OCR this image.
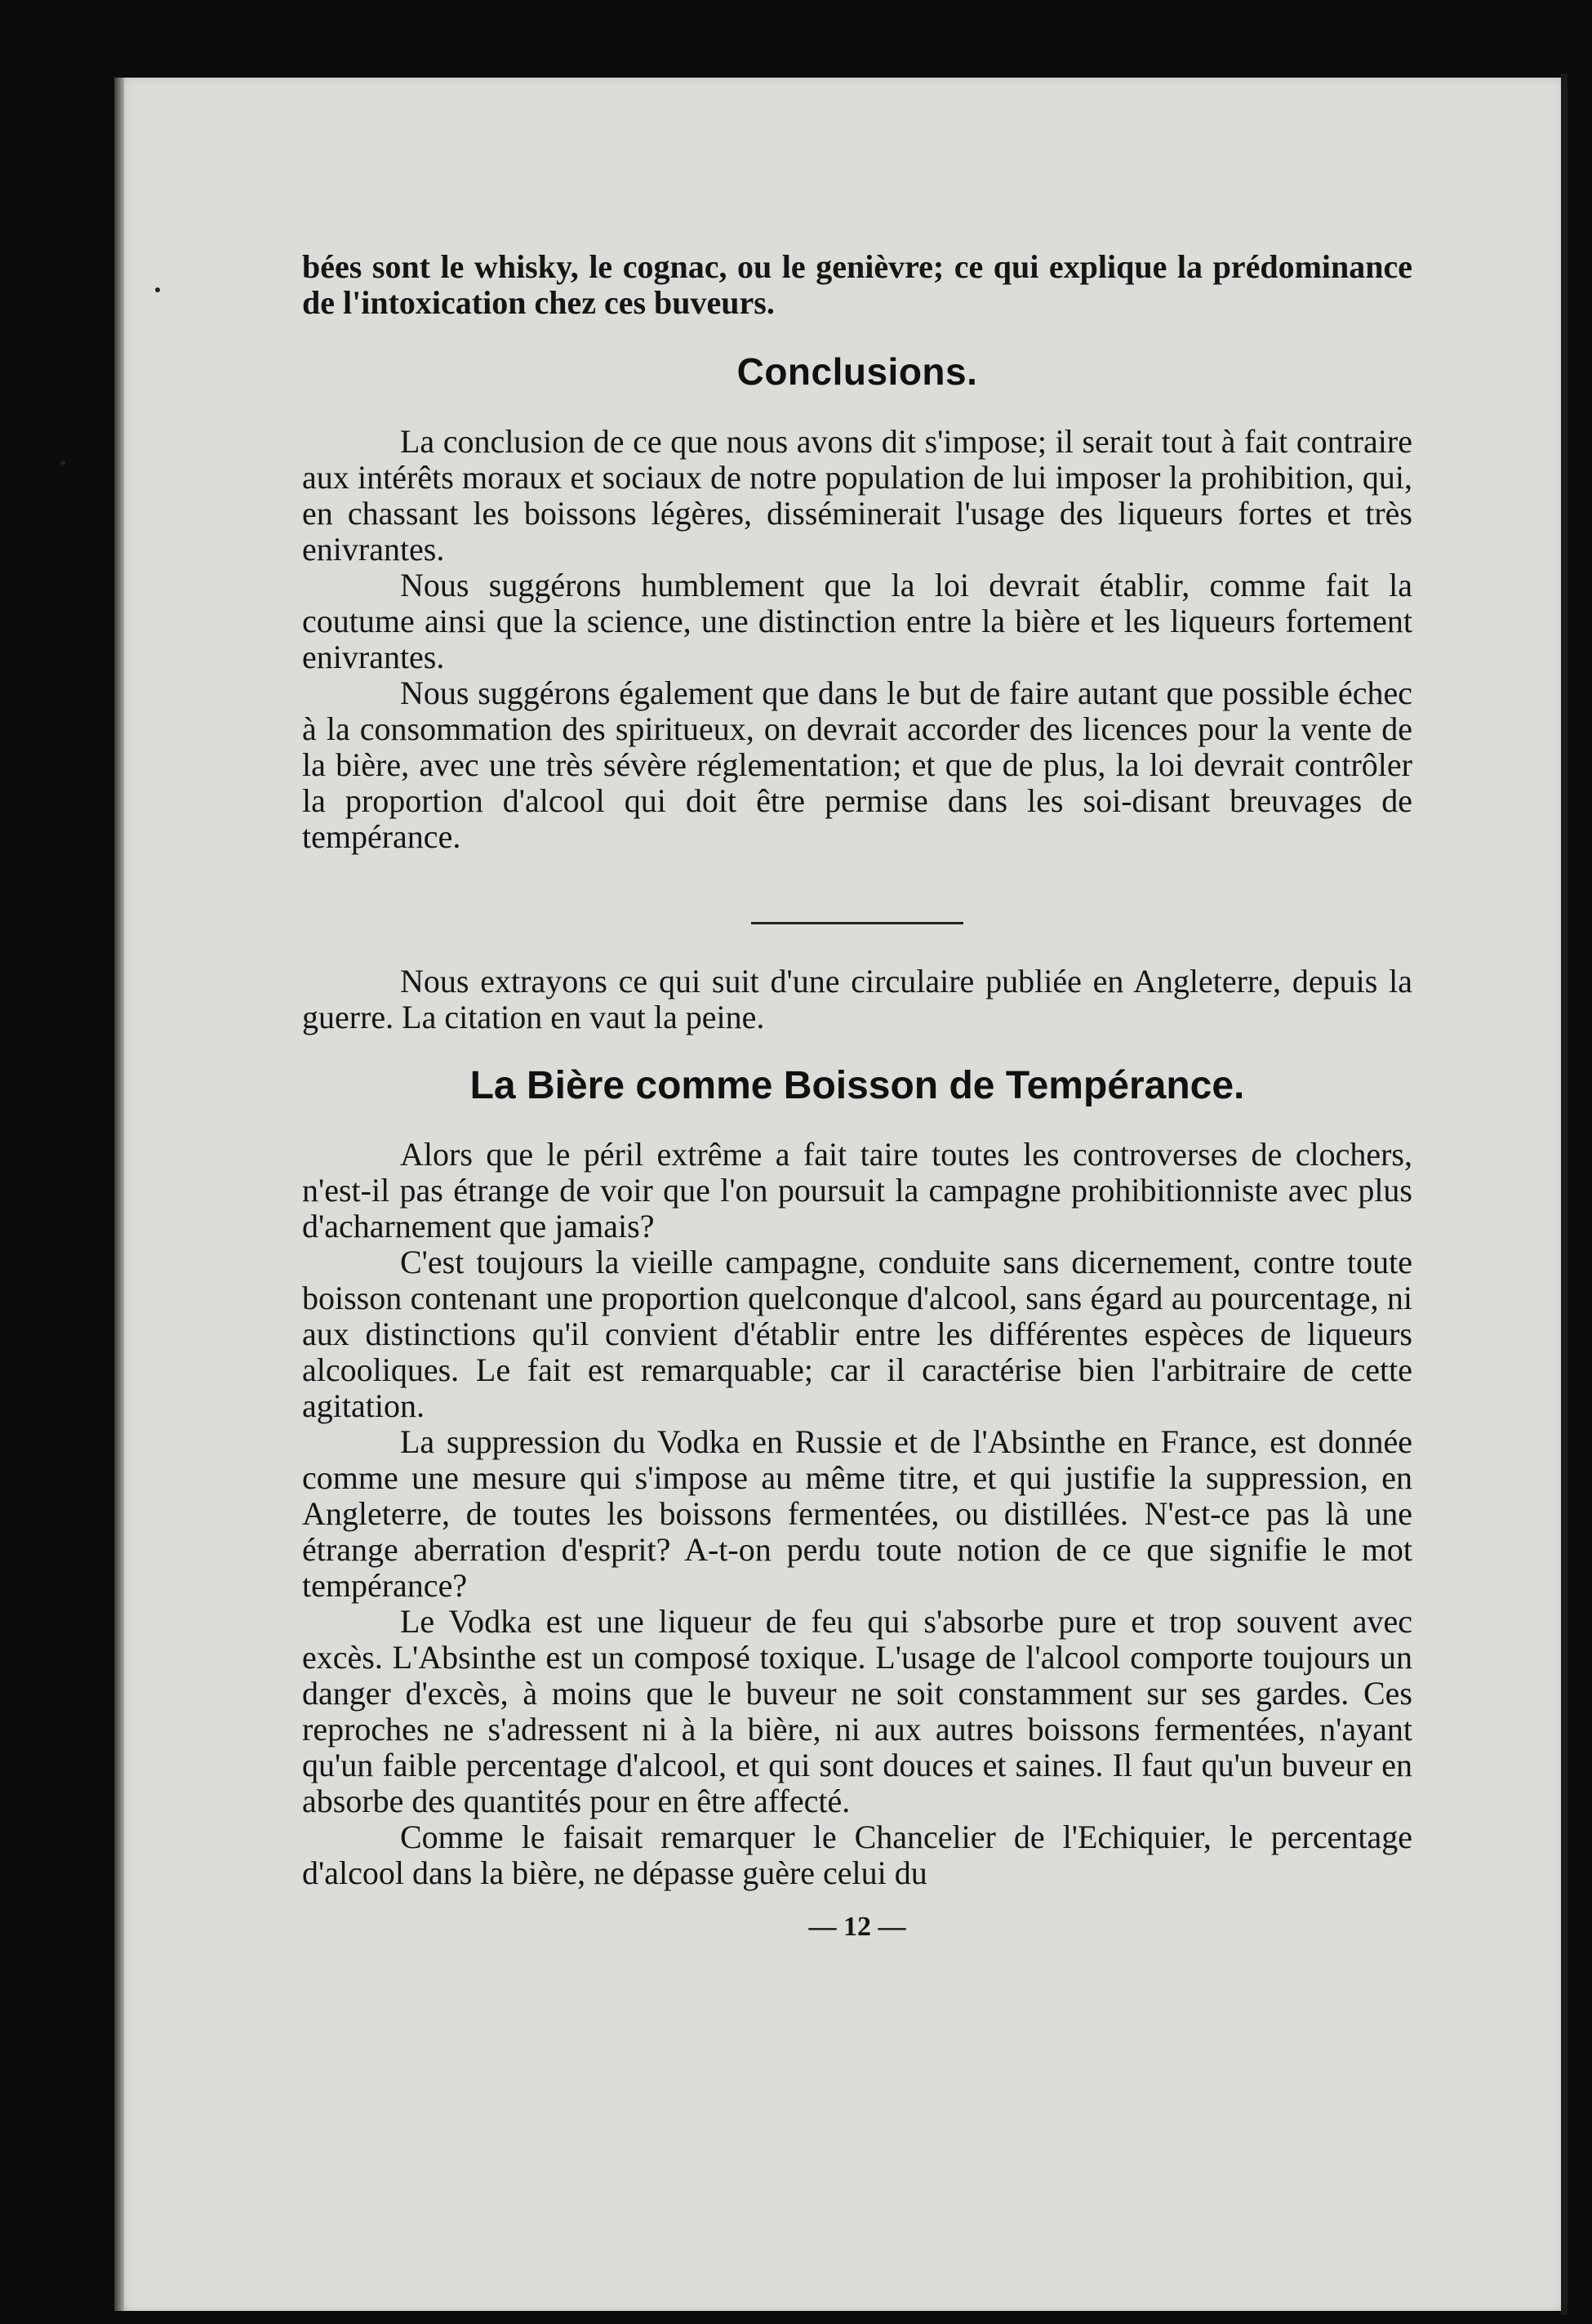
bées sont le whisky, le cognac, ou le genièvre; ce qui explique la prédominance de l'intoxication chez ces buveurs.

Conclusions.

La conclusion de ce que nous avons dit s'impose; il serait tout à fait contraire aux intérêts moraux et sociaux de notre population de lui imposer la prohibition, qui, en chassant les boissons légères, disséminerait l'usage des liqueurs fortes et très enivrantes.

Nous suggérons humblement que la loi devrait établir, comme fait la coutume ainsi que la science, une distinction entre la bière et les liqueurs fortement enivrantes.

Nous suggérons également que dans le but de faire autant que possible échec à la consommation des spiritueux, on devrait accorder des licences pour la vente de la bière, avec une très sévère réglementation; et que de plus, la loi devrait contrôler la proportion d'alcool qui doit être permise dans les soi-disant breuvages de tempérance.

Nous extrayons ce qui suit d'une circulaire publiée en Angleterre, depuis la guerre. La citation en vaut la peine.

La Bière comme Boisson de Tempérance.

Alors que le péril extrême a fait taire toutes les controverses de clochers, n'est-il pas étrange de voir que l'on poursuit la campagne prohibitionniste avec plus d'acharnement que jamais?

C'est toujours la vieille campagne, conduite sans dicernement, contre toute boisson contenant une proportion quelconque d'alcool, sans égard au pourcentage, ni aux distinctions qu'il convient d'établir entre les différentes espèces de liqueurs alcooliques. Le fait est remarquable; car il caractérise bien l'arbitraire de cette agitation.

La suppression du Vodka en Russie et de l'Absinthe en France, est donnée comme une mesure qui s'impose au même titre, et qui justifie la suppression, en Angleterre, de toutes les boissons fermentées, ou distillées. N'est-ce pas là une étrange aberration d'esprit? A-t-on perdu toute notion de ce que signifie le mot tempérance?

Le Vodka est une liqueur de feu qui s'absorbe pure et trop souvent avec excès. L'Absinthe est un composé toxique. L'usage de l'alcool comporte toujours un danger d'excès, à moins que le buveur ne soit constamment sur ses gardes. Ces reproches ne s'adressent ni à la bière, ni aux autres boissons fermentées, n'ayant qu'un faible percentage d'alcool, et qui sont douces et saines. Il faut qu'un buveur en absorbe des quantités pour en être affecté.

Comme le faisait remarquer le Chancelier de l'Echiquier, le percentage d'alcool dans la bière, ne dépasse guère celui du

— 12 —
